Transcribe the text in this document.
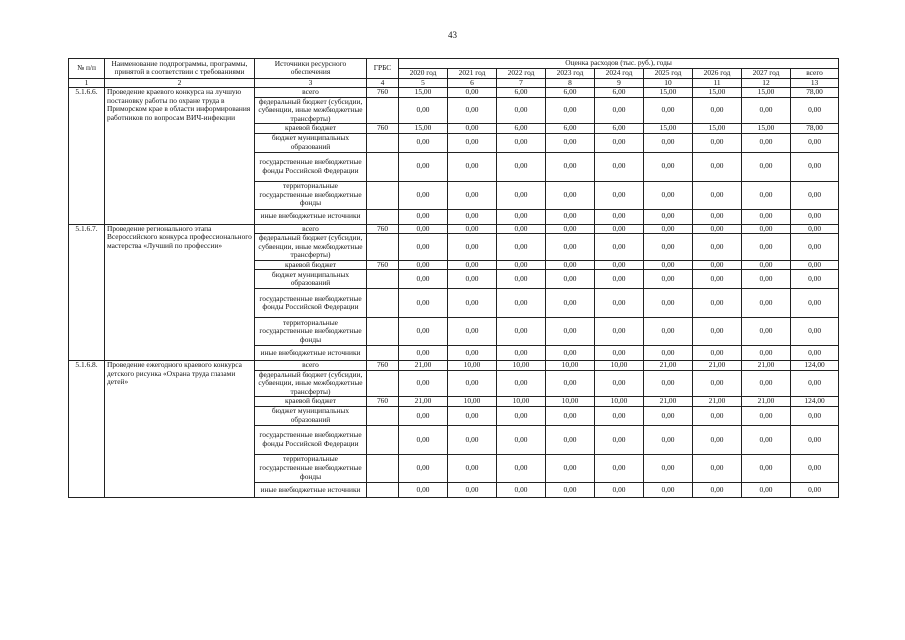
43
№ п/п	Наименование подпрограммы, программы, принятой в соответствии с требованиями	Источники ресурсного обеспечения	ГРБС	Оценка расходов (тыс. руб.), годы								
				2020 год	2021 год	2022 год	2023 год	2024 год	2025 год	2026 год	2027 год	всего
1	2	3	4	5	6	7	8	9	10	11	12	13
5.1.6.6.	Проведение краевого конкурса на лучшую постановку работы по охране труда в Приморском крае в области информирования работников по вопросам ВИЧ-инфекции	всего	760	15,00	0,00	6,00	6,00	6,00	15,00	15,00	15,00	78,00
		федеральный бюджет (субсидии, субвенции, иные межбюджетные трансферты)		0,00	0,00	0,00	0,00	0,00	0,00	0,00	0,00	0,00
		краевой бюджет	760	15,00	0,00	6,00	6,00	6,00	15,00	15,00	15,00	78,00
		бюджет муниципальных образований		0,00	0,00	0,00	0,00	0,00	0,00	0,00	0,00	0,00
		государственные внебюджетные фонды Российской Федерации		0,00	0,00	0,00	0,00	0,00	0,00	0,00	0,00	0,00
		территориальные государственные внебюджетные фонды		0,00	0,00	0,00	0,00	0,00	0,00	0,00	0,00	0,00
		иные внебюджетные источники		0,00	0,00	0,00	0,00	0,00	0,00	0,00	0,00	0,00
5.1.6.7.	Проведение регионального этапа Всероссийского конкурса профессионального мастерства «Лучший по профессии»	всего	760	0,00	0,00	0,00	0,00	0,00	0,00	0,00	0,00	0,00
		федеральный бюджет (субсидии, субвенции, иные межбюджетные трансферты)		0,00	0,00	0,00	0,00	0,00	0,00	0,00	0,00	0,00
		краевой бюджет	760	0,00	0,00	0,00	0,00	0,00	0,00	0,00	0,00	0,00
		бюджет муниципальных образований		0,00	0,00	0,00	0,00	0,00	0,00	0,00	0,00	0,00
		государственные внебюджетные фонды Российской Федерации		0,00	0,00	0,00	0,00	0,00	0,00	0,00	0,00	0,00
		территориальные государственные внебюджетные фонды		0,00	0,00	0,00	0,00	0,00	0,00	0,00	0,00	0,00
		иные внебюджетные источники		0,00	0,00	0,00	0,00	0,00	0,00	0,00	0,00	0,00
5.1.6.8.	Проведение ежегодного краевого конкурса детского рисунка «Охрана труда глазами детей»	всего	760	21,00	10,00	10,00	10,00	10,00	21,00	21,00	21,00	124,00
		федеральный бюджет (субсидии, субвенции, иные межбюджетные трансферты)		0,00	0,00	0,00	0,00	0,00	0,00	0,00	0,00	0,00
		краевой бюджет	760	21,00	10,00	10,00	10,00	10,00	21,00	21,00	21,00	124,00
		бюджет муниципальных образований		0,00	0,00	0,00	0,00	0,00	0,00	0,00	0,00	0,00
		государственные внебюджетные фонды Российской Федерации		0,00	0,00	0,00	0,00	0,00	0,00	0,00	0,00	0,00
		территориальные государственные внебюджетные фонды		0,00	0,00	0,00	0,00	0,00	0,00	0,00	0,00	0,00
		иные внебюджетные источники		0,00	0,00	0,00	0,00	0,00	0,00	0,00	0,00	0,00
